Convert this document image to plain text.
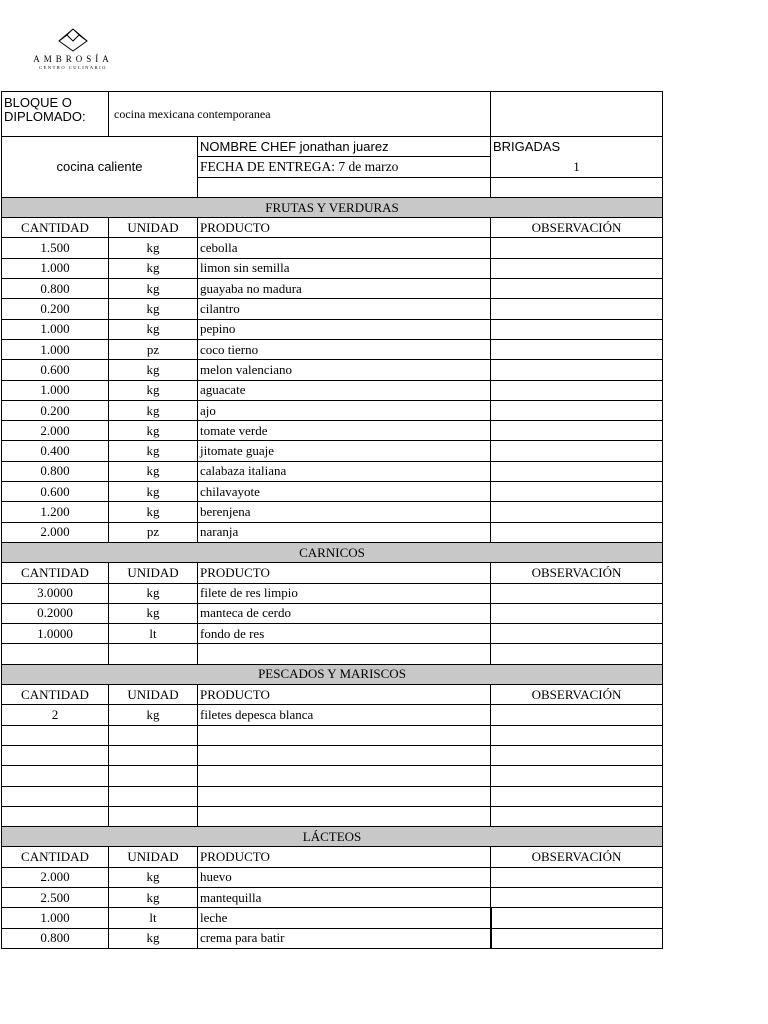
AMBROSÍA
CENTRO CULINARIO
BLOQUE O DIPLOMADO:	cocina mexicana contemporanea		
cocina caliente		NOMBRE CHEF jonathan juarez	BRIGADAS
		FECHA DE ENTREGA: 7 de marzo	1

FRUTAS Y VERDURAS			
CANTIDAD	UNIDAD	PRODUCTO	OBSERVACIÓN
1.500	kg	cebolla	
1.000	kg	limon sin semilla	
0.800	kg	guayaba no madura	
0.200	kg	cilantro	
1.000	kg	pepino	
1.000	pz	coco tierno	
0.600	kg	melon valenciano	
1.000	kg	aguacate	
0.200	kg	ajo	
2.000	kg	tomate verde	
0.400	kg	jitomate guaje	
0.800	kg	calabaza italiana	
0.600	kg	chilavayote	
1.200	kg	berenjena	
2.000	pz	naranja	
CARNICOS			
CANTIDAD	UNIDAD	PRODUCTO	OBSERVACIÓN
3.0000	kg	filete de res limpio	
0.2000	kg	manteca de cerdo	
1.0000	lt	fondo de res	

PESCADOS Y MARISCOS			
CANTIDAD	UNIDAD	PRODUCTO	OBSERVACIÓN
2	kg	filetes depesca blanca	

LÁCTEOS			
CANTIDAD	UNIDAD	PRODUCTO	OBSERVACIÓN
2.000	kg	huevo	
2.500	kg	mantequilla	
1.000	lt	leche	
0.800	kg	crema para batir	
